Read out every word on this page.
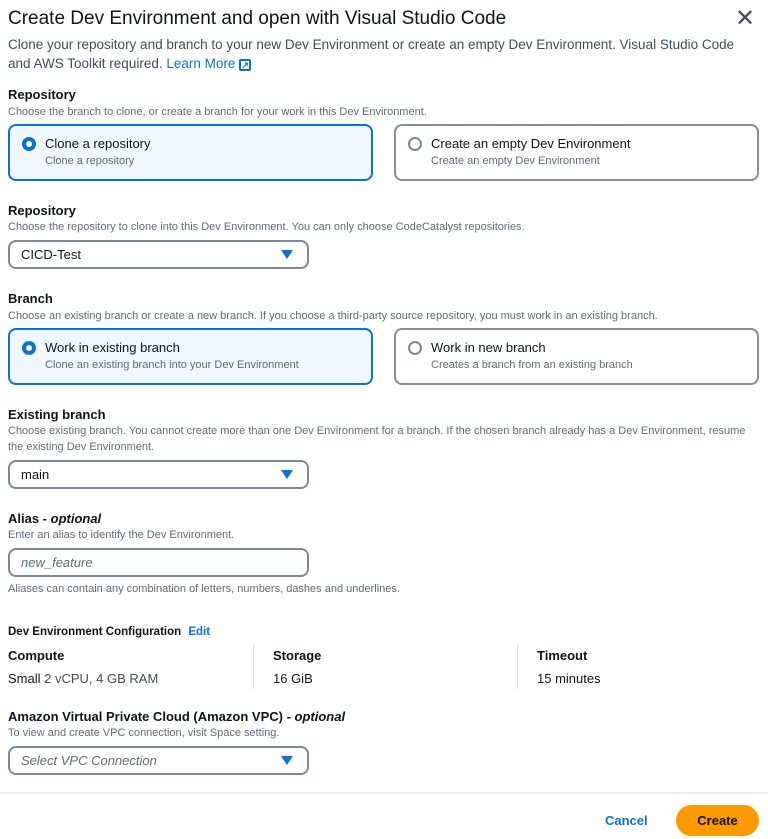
Create Dev Environment and open with Visual Studio Code	✕
Clone your repository and branch to your new Dev Environment or create an empty Dev Environment. Visual Studio Code and AWS Toolkit required. Learn More ↗
Repository
Choose the branch to clone, or create a branch for your work in this Dev Environment.
Clone a repository
Clone a repository
Create an empty Dev Environment
Create an empty Dev Environment
Repository
Choose the repository to clone into this Dev Environment. You can only choose CodeCatalyst repositories.
CICD-Test
Branch
Choose an existing branch or create a new branch. If you choose a third-party source repository, you must work in an existing branch.
Work in existing branch
Clone an existing branch into your Dev Environment
Work in new branch
Creates a branch from an existing branch
Existing branch
Choose existing branch. You cannot create more than one Dev Environment for a branch. If the chosen branch already has a Dev Environment, resume the existing Dev Environment.
main
Alias - optional
Enter an alias to identify the Dev Environment.
new_feature
Aliases can contain any combination of letters, numbers, dashes and underlines.
Dev Environment Configuration Edit
Compute
Small 2 vCPU, 4 GB RAM
Storage
16 GiB
Timeout
15 minutes
Amazon Virtual Private Cloud (Amazon VPC) - optional
To view and create VPC connection, visit Space setting.
Select VPC Connection
Cancel	Create
